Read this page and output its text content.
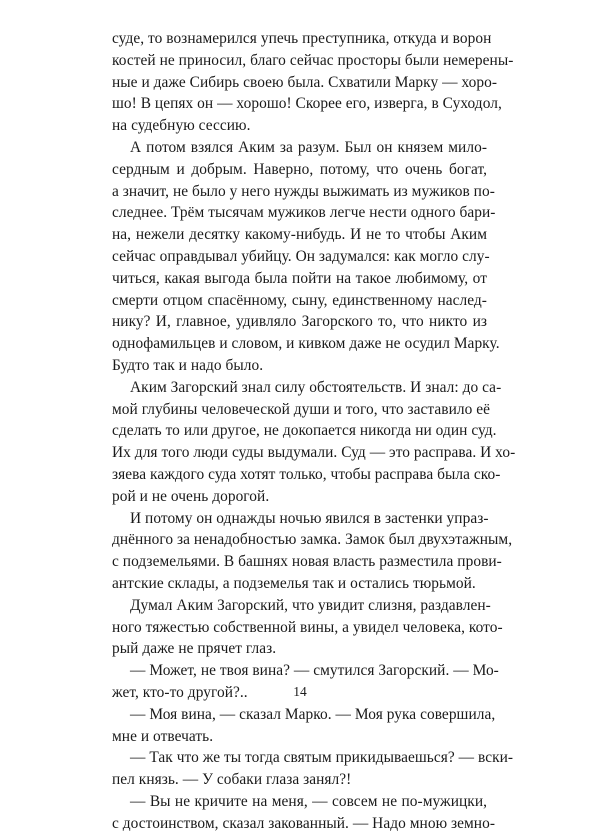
суде, то вознамерился упечь преступника, откуда и ворон
костей не приносил, благо сейчас просторы были немерены-
ные и даже Сибирь своею была. Схватили Марку — хоро-
шо! В цепях он — хорошо! Скорее его, изверга, в Суходол,
на судебную сессию.
А потом взялся Аким за разум. Был он князем мило-
сердным и добрым. Наверно, потому, что очень богат,
а значит, не было у него нужды выжимать из мужиков по-
следнее. Трём тысячам мужиков легче нести одного бари-
на, нежели десятку какому-нибудь. И не то чтобы Аким
сейчас оправдывал убийцу. Он задумался: как могло слу-
читься, какая выгода была пойти на такое любимому, от
смерти отцом спасённому, сыну, единственному наслед-
нику? И, главное, удивляло Загорского то, что никто из
однофамильцев и словом, и кивком даже не осудил Марку.
Будто так и надо было.
Аким Загорский знал силу обстоятельств. И знал: до са-
мой глубины человеческой души и того, что заставило её
сделать то или другое, не докопается никогда ни один суд.
Их для того люди суды выдумали. Суд — это расправа. И хо-
зяева каждого суда хотят только, чтобы расправа была ско-
рой и не очень дорогой.
И потому он однажды ночью явился в застенки упраз-
днённого за ненадобностью замка. Замок был двухэтажным,
с подземельями. В башнях новая власть разместила прови-
антские склады, а подземелья так и остались тюрьмой.
Думал Аким Загорский, что увидит слизня, раздавлен-
ного тяжестью собственной вины, а увидел человека, кото-
рый даже не прячет глаз.
— Может, не твоя вина? — смутился Загорский. — Мо-
жет, кто-то другой?..
— Моя вина, — сказал Марко. — Моя рука совершила,
мне и отвечать.
— Так что же ты тогда святым прикидываешься? — вски-
пел князь. — У собаки глаза занял?!
— Вы не кричите на меня, — совсем не по-мужицки,
с достоинством, сказал закованный. — Надо мною земно-
14
